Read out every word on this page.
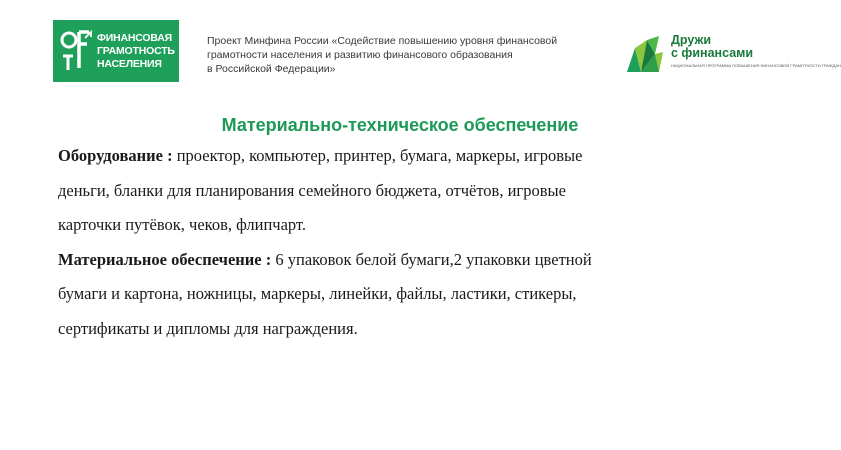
ФИНАНСОВАЯ
ГРАМОТНОСТЬ
НАСЕЛЕНИЯ
Проект Минфина России «Содействие повышению уровня финансовой
грамотности населения и развитию финансового образования
в Российской Федерации»
Дружи
с финансами
НАЦИОНАЛЬНАЯ ПРОГРАММА ПОВЫШЕНИЯ ФИНАНСОВОЙ ГРАМОТНОСТИ ГРАЖДАН
Материально-техническое обеспечение
Оборудование : проектор, компьютер, принтер, бумага, маркеры, игровые
деньги, бланки для планирования семейного бюджета, отчётов, игровые
карточки путёвок, чеков, флипчарт.
Материальное обеспечение : 6 упаковок белой бумаги,2 упаковки цветной
бумаги и картона, ножницы, маркеры, линейки, файлы, ластики, стикеры,
сертификаты и дипломы для награждения.
